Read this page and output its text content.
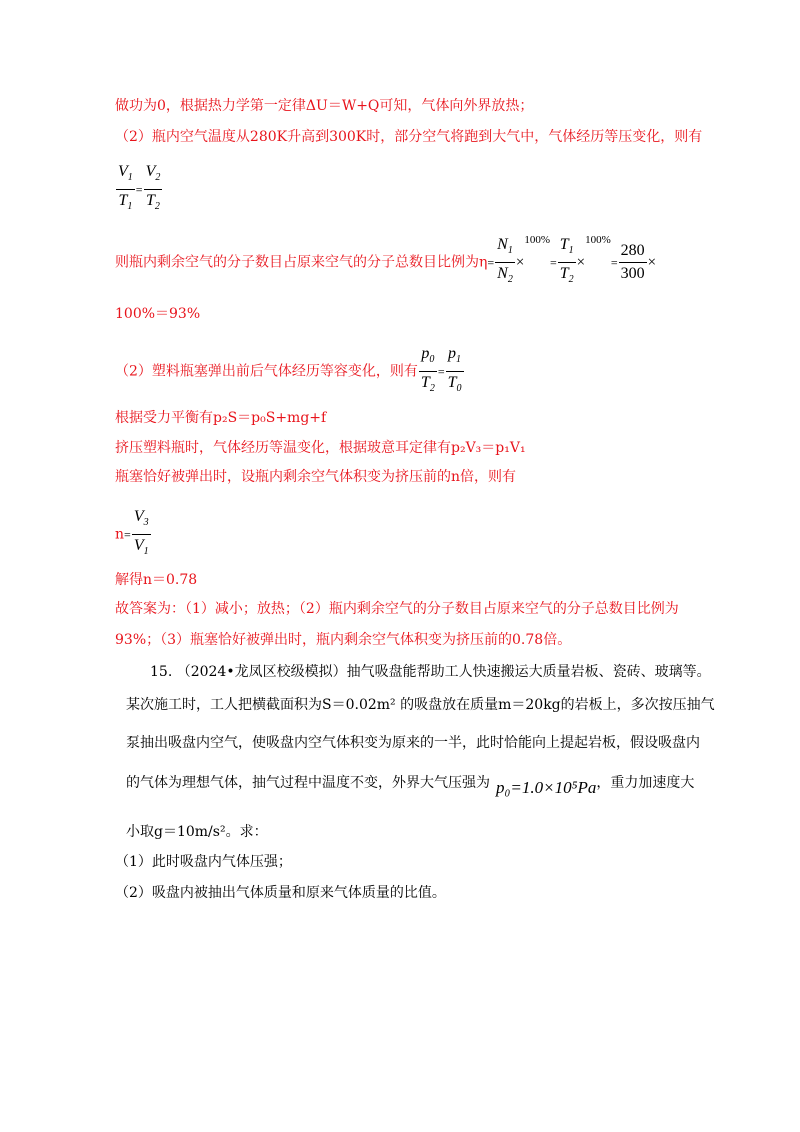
做功为0，根据热力学第一定律ΔU＝W+Q可知，气体向外界放热；
（2）瓶内空气温度从280K升高到300K时，部分空气将跑到大气中，气体经历等压变化，则有
$\frac{V_1}{T_1} = \frac{V_2}{T_2}$
则瓶内剩余空气的分子数目占原来空气的分子总数目比例为$\eta= \frac{N_1}{N_2} \times^{100\%}= \frac{T_1}{T_2} \times^{100\%}= \frac{280}{300}$ ×
100%＝93%
（2）塑料瓶塞弹出前后气体经历等容变化，则有 $\frac{p_0}{T_2} = \frac{p_1}{T_0}$
根据受力平衡有p₂S＝p₀S+mg+f
挤压塑料瓶时，气体经历等温变化，根据玻意耳定律有p₂V₃＝p₁V₁
瓶塞恰好被弹出时，设瓶内剩余空气体积变为挤压前的n倍，则有
$n= \frac{V_3}{V_1}$
解得n＝0.78
故答案为：（1）减小；放热；（2）瓶内剩余空气的分子数目占原来空气的分子总数目比例为
93%；（3）瓶塞恰好被弹出时，瓶内剩余空气体积变为挤压前的0.78倍。
15. （2024•龙凤区校级模拟）抽气吸盘能帮助工人快速搬运大质量岩板、瓷砖、玻璃等。
某次施工时，工人把横截面积为S＝0.02m² 的吸盘放在质量m＝20kg的岩板上，多次按压抽气
泵抽出吸盘内空气，使吸盘内空气体积变为原来的一半，此时恰能向上提起岩板，假设吸盘内
的气体为理想气体，抽气过程中温度不变，外界大气压强为 p₀=1.0×10⁵Pa，重力加速度大
小取g＝10m/s²。求：
（1）此时吸盘内气体压强；
（2）吸盘内被抽出气体质量和原来气体质量的比值。
